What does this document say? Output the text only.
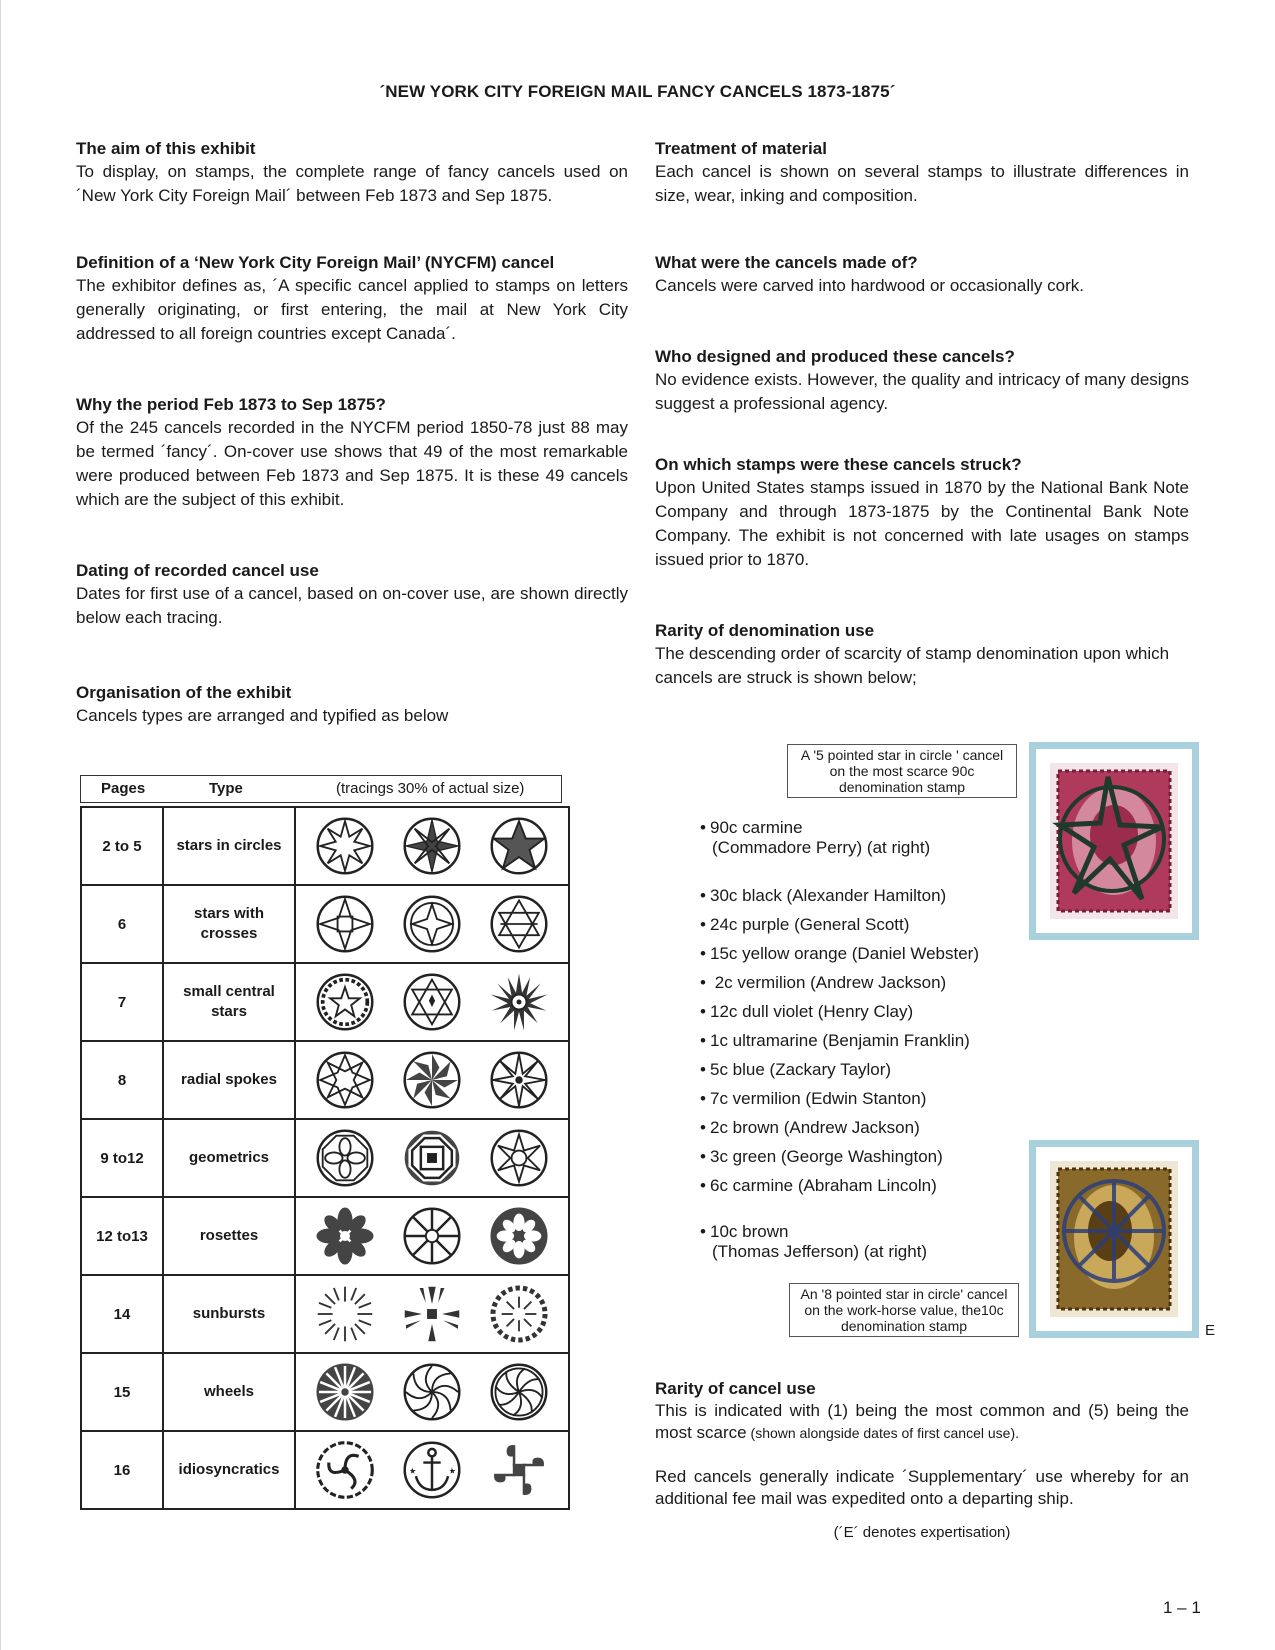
´NEW YORK CITY FOREIGN MAIL FANCY CANCELS 1873-1875´
The aim of this exhibit

To display, on stamps, the complete range of fancy cancels used on ´New York City Foreign Mail´ between Feb 1873 and Sep 1875.

Definition of a ‘New York City Foreign Mail’ (NYCFM) cancel

The exhibitor defines as, ´A specific cancel applied to stamps on letters generally originating, or first entering, the mail at New York City addressed to all foreign countries except Canada´.

Why the period Feb 1873 to Sep 1875?

Of the 245 cancels recorded in the NYCFM period 1850-78 just 88 may be termed ´fancy´. On-cover use shows that 49 of the most remarkable were produced between Feb 1873 and Sep 1875. It is these 49 cancels which are the subject of this exhibit.

Dating of recorded cancel use

Dates for first use of a cancel, based on on-cover use, are shown directly below each tracing.

Organisation of the exhibit

Cancels types are arranged and typified as below

Pages	Type	(tracings 30% of actual size)
2 to 5	stars in circles	

6	stars with crosses	

7	small central stars	

8	radial spokes	

9 to12	geometrics	

12 to13	rosettes	

14	sunbursts	

15	wheels	

16	idiosyncratics	
Treatment of material

Each cancel is shown on several stamps to illustrate differences in size, wear, inking and composition.

What were the cancels made of?

Cancels were carved into hardwood or occasionally cork.

Who designed and produced these cancels?

No evidence exists. However, the quality and intricacy of many designs suggest a professional agency.

On which stamps were these cancels struck?

Upon United States stamps issued in 1870 by the National Bank Note Company and through 1873-1875 by the Continental Bank Note Company. The exhibit is not concerned with late usages on stamps issued prior to 1870.

Rarity of denomination use

The descending order of scarcity of stamp denomination upon which cancels are struck is shown below;

A '5 pointed star in circle ' cancel on the most scarce 90c denomination stamp
• 90c carmine
(Commadore Perry) (at right)
• 30c black (Alexander Hamilton)
• 24c purple (General Scott)
• 15c yellow orange (Daniel Webster)
• 2c vermilion (Andrew Jackson)
• 12c dull violet (Henry Clay)
• 1c ultramarine (Benjamin Franklin)
• 5c blue (Zackary Taylor)
• 7c vermilion (Edwin Stanton)
• 2c brown (Andrew Jackson)
• 3c green (George Washington)
• 6c carmine (Abraham Lincoln)
• 10c brown
(Thomas Jefferson) (at right)
An '8 pointed star in circle' cancel on the work-horse value, the10c denomination stamp	E
Rarity of cancel use

This is indicated with (1) being the most common and (5) being the most scarce (shown alongside dates of first cancel use).

Red cancels generally indicate ´Supplementary´ use whereby for an additional fee mail was expedited onto a departing ship.

(´E´ denotes expertisation)
1 – 1
